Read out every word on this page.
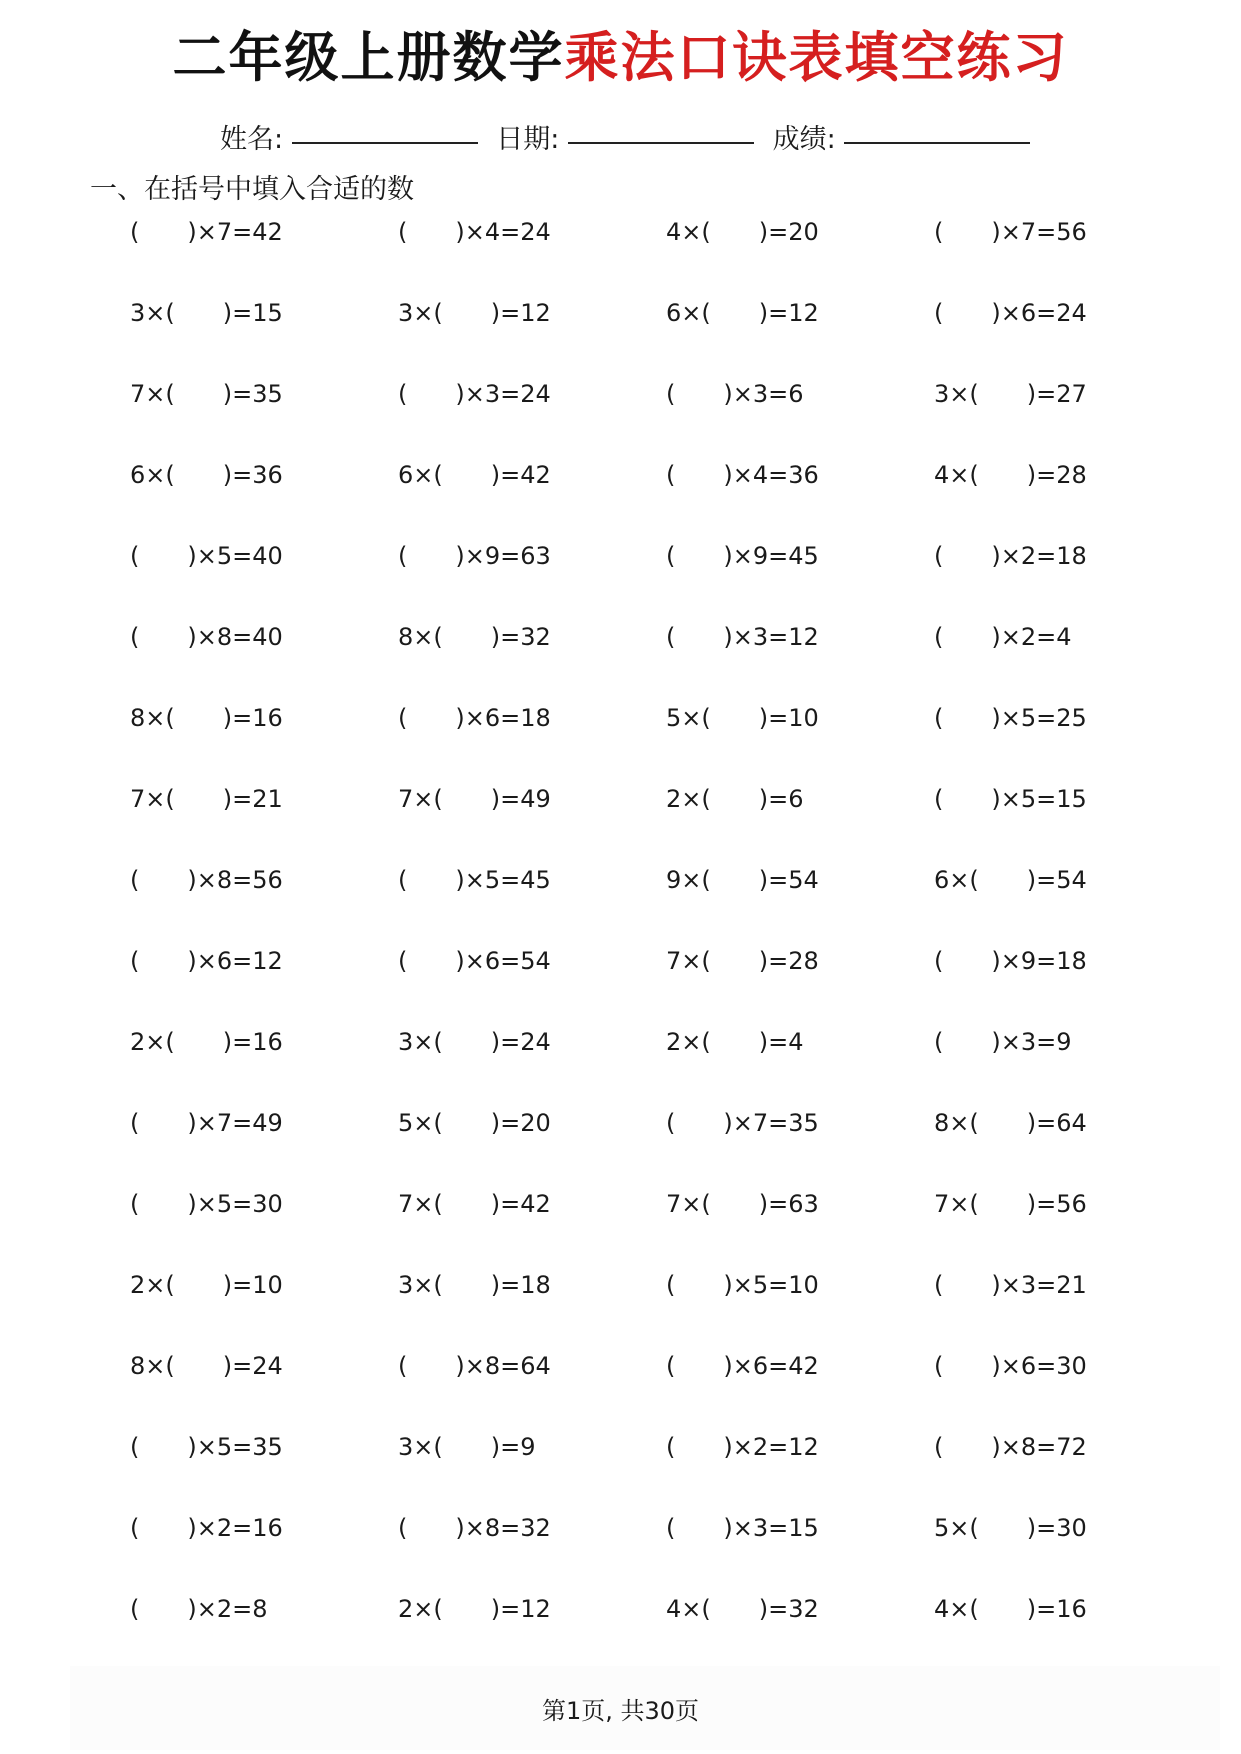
二年级上册数学乘法口诀表填空练习
姓名:	日期:	成绩:
一、在括号中填入合适的数
( )×7=42	( )×4=24	4×( )=20	( )×7=56
3×( )=15	3×( )=12	6×( )=12	( )×6=24
7×( )=35	( )×3=24	( )×3=6	3×( )=27
6×( )=36	6×( )=42	( )×4=36	4×( )=28
( )×5=40	( )×9=63	( )×9=45	( )×2=18
( )×8=40	8×( )=32	( )×3=12	( )×2=4
8×( )=16	( )×6=18	5×( )=10	( )×5=25
7×( )=21	7×( )=49	2×( )=6	( )×5=15
( )×8=56	( )×5=45	9×( )=54	6×( )=54
( )×6=12	( )×6=54	7×( )=28	( )×9=18
2×( )=16	3×( )=24	2×( )=4	( )×3=9
( )×7=49	5×( )=20	( )×7=35	8×( )=64
( )×5=30	7×( )=42	7×( )=63	7×( )=56
2×( )=10	3×( )=18	( )×5=10	( )×3=21
8×( )=24	( )×8=64	( )×6=42	( )×6=30
( )×5=35	3×( )=9	( )×2=12	( )×8=72
( )×2=16	( )×8=32	( )×3=15	5×( )=30
( )×2=8	2×( )=12	4×( )=32	4×( )=16
第1页, 共30页
